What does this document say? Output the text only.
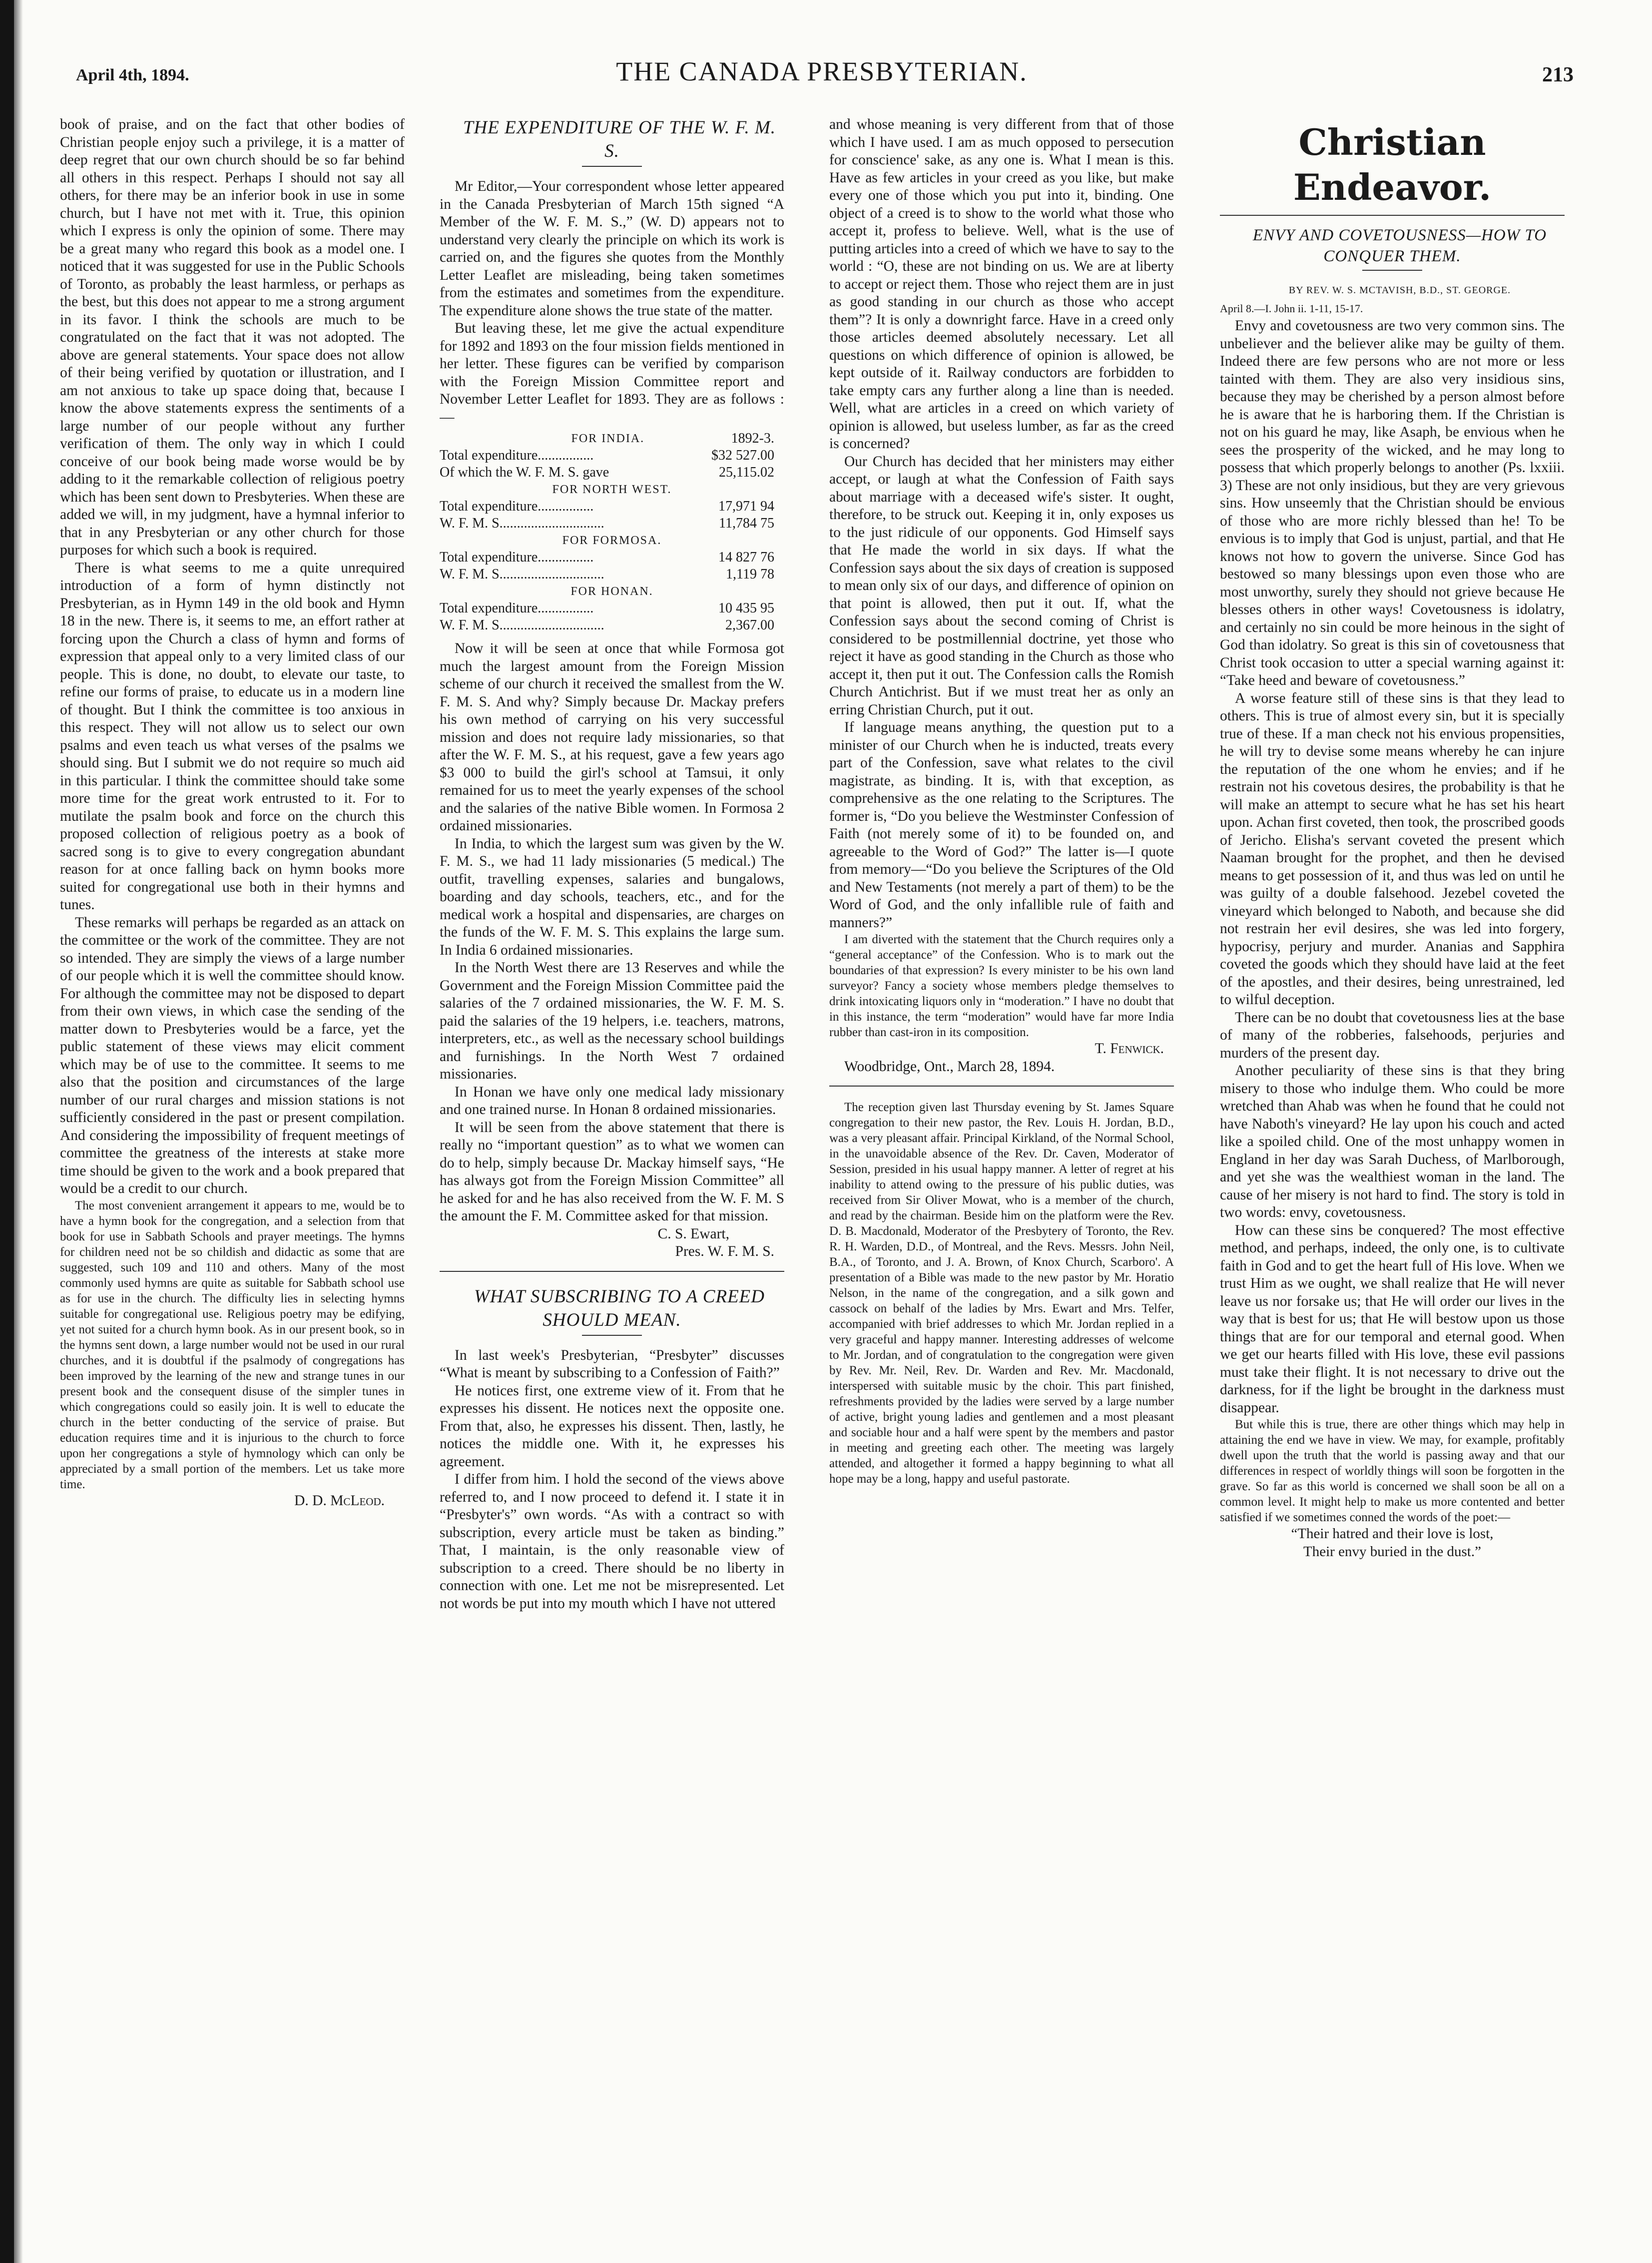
April 4th, 1894.	THE CANADA PRESBYTERIAN.	213

book of praise, and on the fact that other bodies of Christian people enjoy such a privilege, it is a matter of deep regret that our own church should be so far behind all others in this respect. Perhaps I should not say all others, for there may be an inferior book in use in some church, but I have not met with it. True, this opinion which I express is only the opinion of some. There may be a great many who regard this book as a model one. I noticed that it was suggested for use in the Public Schools of Toronto, as probably the least harmless, or perhaps as the best, but this does not appear to me a strong argument in its favor. I think the schools are much to be congratulated on the fact that it was not adopted. The above are general statements. Your space does not allow of their being verified by quotation or illustration, and I am not anxious to take up space doing that, because I know the above statements express the sentiments of a large number of our people without any further verification of them. The only way in which I could conceive of our book being made worse would be by adding to it the remarkable collection of religious poetry which has been sent down to Presbyteries. When these are added we will, in my judgment, have a hymnal inferior to that in any Presbyterian or any other church for those purposes for which such a book is required.

There is what seems to me a quite unrequired introduction of a form of hymn distinctly not Presbyterian, as in Hymn 149 in the old book and Hymn 18 in the new. There is, it seems to me, an effort rather at forcing upon the Church a class of hymn and forms of expression that appeal only to a very limited class of our people. This is done, no doubt, to elevate our taste, to refine our forms of praise, to educate us in a modern line of thought. But I think the committee is too anxious in this respect. They will not allow us to select our own psalms and even teach us what verses of the psalms we should sing. But I submit we do not require so much aid in this particular. I think the committee should take some more time for the great work entrusted to it. For to mutilate the psalm book and force on the church this proposed collection of religious poetry as a book of sacred song is to give to every congregation abundant reason for at once falling back on hymn books more suited for congregational use both in their hymns and tunes.

These remarks will perhaps be regarded as an attack on the committee or the work of the committee. They are not so intended. They are simply the views of a large number of our people which it is well the committee should know. For although the committee may not be disposed to depart from their own views, in which case the sending of the matter down to Presbyteries would be a farce, yet the public statement of these views may elicit comment which may be of use to the committee. It seems to me also that the position and circumstances of the large number of our rural charges and mission stations is not sufficiently considered in the past or present compilation. And considering the impossibility of frequent meetings of committee the greatness of the interests at stake more time should be given to the work and a book prepared that would be a credit to our church.

The most convenient arrangement it appears to me, would be to have a hymn book for the congregation, and a selection from that book for use in Sabbath Schools and prayer meetings. The hymns for children need not be so childish and didactic as some that are suggested, such 109 and 110 and others. Many of the most commonly used hymns are quite as suitable for Sabbath school use as for use in the church. The difficulty lies in selecting hymns suitable for congregational use. Religious poetry may be edifying, yet not suited for a church hymn book. As in our present book, so in the hymns sent down, a large number would not be used in our rural churches, and it is doubtful if the psalmody of congregations has been improved by the learning of the new and strange tunes in our present book and the consequent disuse of the simpler tunes in which congregations could so easily join. It is well to educate the church in the better conducting of the service of praise. But education requires time and it is injurious to the church to force upon her congregations a style of hymnology which can only be appreciated by a small portion of the members. Let us take more time.

D. D. McLeod.

THE EXPENDITURE OF THE W. F. M. S.

Mr Editor,—Your correspondent whose letter appeared in the Canada Presbyterian of March 15th signed “A Member of the W. F. M. S.,” (W. D) appears not to understand very clearly the principle on which its work is carried on, and the figures she quotes from the Monthly Letter Leaflet are misleading, being taken sometimes from the estimates and sometimes from the expenditure. The expenditure alone shows the true state of the matter.

But leaving these, let me give the actual expenditure for 1892 and 1893 on the four mission fields mentioned in her letter. These figures can be verified by comparison with the Foreign Mission Committee report and November Letter Leaflet for 1893. They are as follows :—

FOR INDIA.	1892-3.
Total expenditure................	$32 527.00
Of which the W. F. M. S. gave	25,115.02
FOR NORTH WEST.
Total expenditure................	17,971 94
W. F. M. S..............................	11,784 75
FOR FORMOSA.
Total expenditure................	14 827 76
W. F. M. S..............................	1,119 78
FOR HONAN.
Total expenditure................	10 435 95
W. F. M. S..............................	2,367.00

Now it will be seen at once that while Formosa got much the largest amount from the Foreign Mission scheme of our church it received the smallest from the W. F. M. S. And why? Simply because Dr. Mackay prefers his own method of carrying on his very successful mission and does not require lady missionaries, so that after the W. F. M. S., at his request, gave a few years ago $3 000 to build the girl's school at Tamsui, it only remained for us to meet the yearly expenses of the school and the salaries of the native Bible women. In Formosa 2 ordained missionaries.

In India, to which the largest sum was given by the W. F. M. S., we had 11 lady missionaries (5 medical.) The outfit, travelling expenses, salaries and bungalows, boarding and day schools, teachers, etc., and for the medical work a hospital and dispensaries, are charges on the funds of the W. F. M. S. This explains the large sum. In India 6 ordained missionaries.

In the North West there are 13 Reserves and while the Government and the Foreign Mission Committee paid the salaries of the 7 ordained missionaries, the W. F. M. S. paid the salaries of the 19 helpers, i.e. teachers, matrons, interpreters, etc., as well as the necessary school buildings and furnishings. In the North West 7 ordained missionaries.

In Honan we have only one medical lady missionary and one trained nurse. In Honan 8 ordained missionaries.

It will be seen from the above statement that there is really no “important question” as to what we women can do to help, simply because Dr. Mackay himself says, “He has always got from the Foreign Mission Committee” all he asked for and he has also received from the W. F. M. S the amount the F. M. Committee asked for that mission.

C. S. Ewart,

Pres. W. F. M. S.

WHAT SUBSCRIBING TO A CREED SHOULD MEAN.

In last week's Presbyterian, “Presbyter” discusses “What is meant by subscribing to a Confession of Faith?”

He notices first, one extreme view of it. From that he expresses his dissent. He notices next the opposite one. From that, also, he expresses his dissent. Then, lastly, he notices the middle one. With it, he expresses his agreement.

I differ from him. I hold the second of the views above referred to, and I now proceed to defend it. I state it in “Presbyter's” own words. “As with a contract so with subscription, every article must be taken as binding.” That, I maintain, is the only reasonable view of subscription to a creed. There should be no liberty in connection with one. Let me not be misrepresented. Let not words be put into my mouth which I have not uttered

and whose meaning is very different from that of those which I have used. I am as much opposed to persecution for conscience' sake, as any one is. What I mean is this. Have as few articles in your creed as you like, but make every one of those which you put into it, binding. One object of a creed is to show to the world what those who accept it, profess to believe. Well, what is the use of putting articles into a creed of which we have to say to the world : “O, these are not binding on us. We are at liberty to accept or reject them. Those who reject them are in just as good standing in our church as those who accept them”? It is only a downright farce. Have in a creed only those articles deemed absolutely necessary. Let all questions on which difference of opinion is allowed, be kept outside of it. Railway conductors are forbidden to take empty cars any further along a line than is needed. Well, what are articles in a creed on which variety of opinion is allowed, but useless lumber, as far as the creed is concerned?

Our Church has decided that her ministers may either accept, or laugh at what the Confession of Faith says about marriage with a deceased wife's sister. It ought, therefore, to be struck out. Keeping it in, only exposes us to the just ridicule of our opponents. God Himself says that He made the world in six days. If what the Confession says about the six days of creation is supposed to mean only six of our days, and difference of opinion on that point is allowed, then put it out. If, what the Confession says about the second coming of Christ is considered to be postmillennial doctrine, yet those who reject it have as good standing in the Church as those who accept it, then put it out. The Confession calls the Romish Church Antichrist. But if we must treat her as only an erring Christian Church, put it out.

If language means anything, the question put to a minister of our Church when he is inducted, treats every part of the Confession, save what relates to the civil magistrate, as binding. It is, with that exception, as comprehensive as the one relating to the Scriptures. The former is, “Do you believe the Westminster Confession of Faith (not merely some of it) to be founded on, and agreeable to the Word of God?” The latter is—I quote from memory—“Do you believe the Scriptures of the Old and New Testaments (not merely a part of them) to be the Word of God, and the only infallible rule of faith and manners?”

I am diverted with the statement that the Church requires only a “general acceptance” of the Confession. Who is to mark out the boundaries of that expression? Is every minister to be his own land surveyor? Fancy a society whose members pledge themselves to drink intoxicating liquors only in “moderation.” I have no doubt that in this instance, the term “moderation” would have far more India rubber than cast-iron in its composition.

T. Fenwick.

Woodbridge, Ont., March 28, 1894.

The reception given last Thursday evening by St. James Square congregation to their new pastor, the Rev. Louis H. Jordan, B.D., was a very pleasant affair. Principal Kirkland, of the Normal School, in the unavoidable absence of the Rev. Dr. Caven, Moderator of Session, presided in his usual happy manner. A letter of regret at his inability to attend owing to the pressure of his public duties, was received from Sir Oliver Mowat, who is a member of the church, and read by the chairman. Beside him on the platform were the Rev. D. B. Macdonald, Moderator of the Presbytery of Toronto, the Rev. R. H. Warden, D.D., of Montreal, and the Revs. Messrs. John Neil, B.A., of Toronto, and J. A. Brown, of Knox Church, Scarboro'. A presentation of a Bible was made to the new pastor by Mr. Horatio Nelson, in the name of the congregation, and a silk gown and cassock on behalf of the ladies by Mrs. Ewart and Mrs. Telfer, accompanied with brief addresses to which Mr. Jordan replied in a very graceful and happy manner. Interesting addresses of welcome to Mr. Jordan, and of congratulation to the congregation were given by Rev. Mr. Neil, Rev. Dr. Warden and Rev. Mr. Macdonald, interspersed with suitable music by the choir. This part finished, refreshments provided by the ladies were served by a large number of active, bright young ladies and gentlemen and a most pleasant and sociable hour and a half were spent by the members and pastor in meeting and greeting each other. The meeting was largely attended, and altogether it formed a happy beginning to what all hope may be a long, happy and useful pastorate.

Christian Endeavor.

ENVY AND COVETOUSNESS—HOW TO CONQUER THEM.

BY REV. W. S. MCTAVISH, B.D., ST. GEORGE.

April 8.—I. John ii. 1-11, 15-17.

Envy and covetousness are two very common sins. The unbeliever and the believer alike may be guilty of them. Indeed there are few persons who are not more or less tainted with them. They are also very insidious sins, because they may be cherished by a person almost before he is aware that he is harboring them. If the Christian is not on his guard he may, like Asaph, be envious when he sees the prosperity of the wicked, and he may long to possess that which properly belongs to another (Ps. lxxiii. 3) These are not only insidious, but they are very grievous sins. How unseemly that the Christian should be envious of those who are more richly blessed than he! To be envious is to imply that God is unjust, partial, and that He knows not how to govern the universe. Since God has bestowed so many blessings upon even those who are most unworthy, surely they should not grieve because He blesses others in other ways! Covetousness is idolatry, and certainly no sin could be more heinous in the sight of God than idolatry. So great is this sin of covetousness that Christ took occasion to utter a special warning against it: “Take heed and beware of covetousness.”

A worse feature still of these sins is that they lead to others. This is true of almost every sin, but it is specially true of these. If a man check not his envious propensities, he will try to devise some means whereby he can injure the reputation of the one whom he envies; and if he restrain not his covetous desires, the probability is that he will make an attempt to secure what he has set his heart upon. Achan first coveted, then took, the proscribed goods of Jericho. Elisha's servant coveted the present which Naaman brought for the prophet, and then he devised means to get possession of it, and thus was led on until he was guilty of a double falsehood. Jezebel coveted the vineyard which belonged to Naboth, and because she did not restrain her evil desires, she was led into forgery, hypocrisy, perjury and murder. Ananias and Sapphira coveted the goods which they should have laid at the feet of the apostles, and their desires, being unrestrained, led to wilful deception.

There can be no doubt that covetousness lies at the base of many of the robberies, falsehoods, perjuries and murders of the present day.

Another peculiarity of these sins is that they bring misery to those who indulge them. Who could be more wretched than Ahab was when he found that he could not have Naboth's vineyard? He lay upon his couch and acted like a spoiled child. One of the most unhappy women in England in her day was Sarah Duchess, of Marlborough, and yet she was the wealthiest woman in the land. The cause of her misery is not hard to find. The story is told in two words: envy, covetousness.

How can these sins be conquered? The most effective method, and perhaps, indeed, the only one, is to cultivate faith in God and to get the heart full of His love. When we trust Him as we ought, we shall realize that He will never leave us nor forsake us; that He will order our lives in the way that is best for us; that He will bestow upon us those things that are for our temporal and eternal good. When we get our hearts filled with His love, these evil passions must take their flight. It is not necessary to drive out the darkness, for if the light be brought in the darkness must disappear.

But while this is true, there are other things which may help in attaining the end we have in view. We may, for example, profitably dwell upon the truth that the world is passing away and that our differences in respect of worldly things will soon be forgotten in the grave. So far as this world is concerned we shall soon be all on a common level. It might help to make us more contented and better satisfied if we sometimes conned the words of the poet:—

“Their hatred and their love is lost,

Their envy buried in the dust.”
